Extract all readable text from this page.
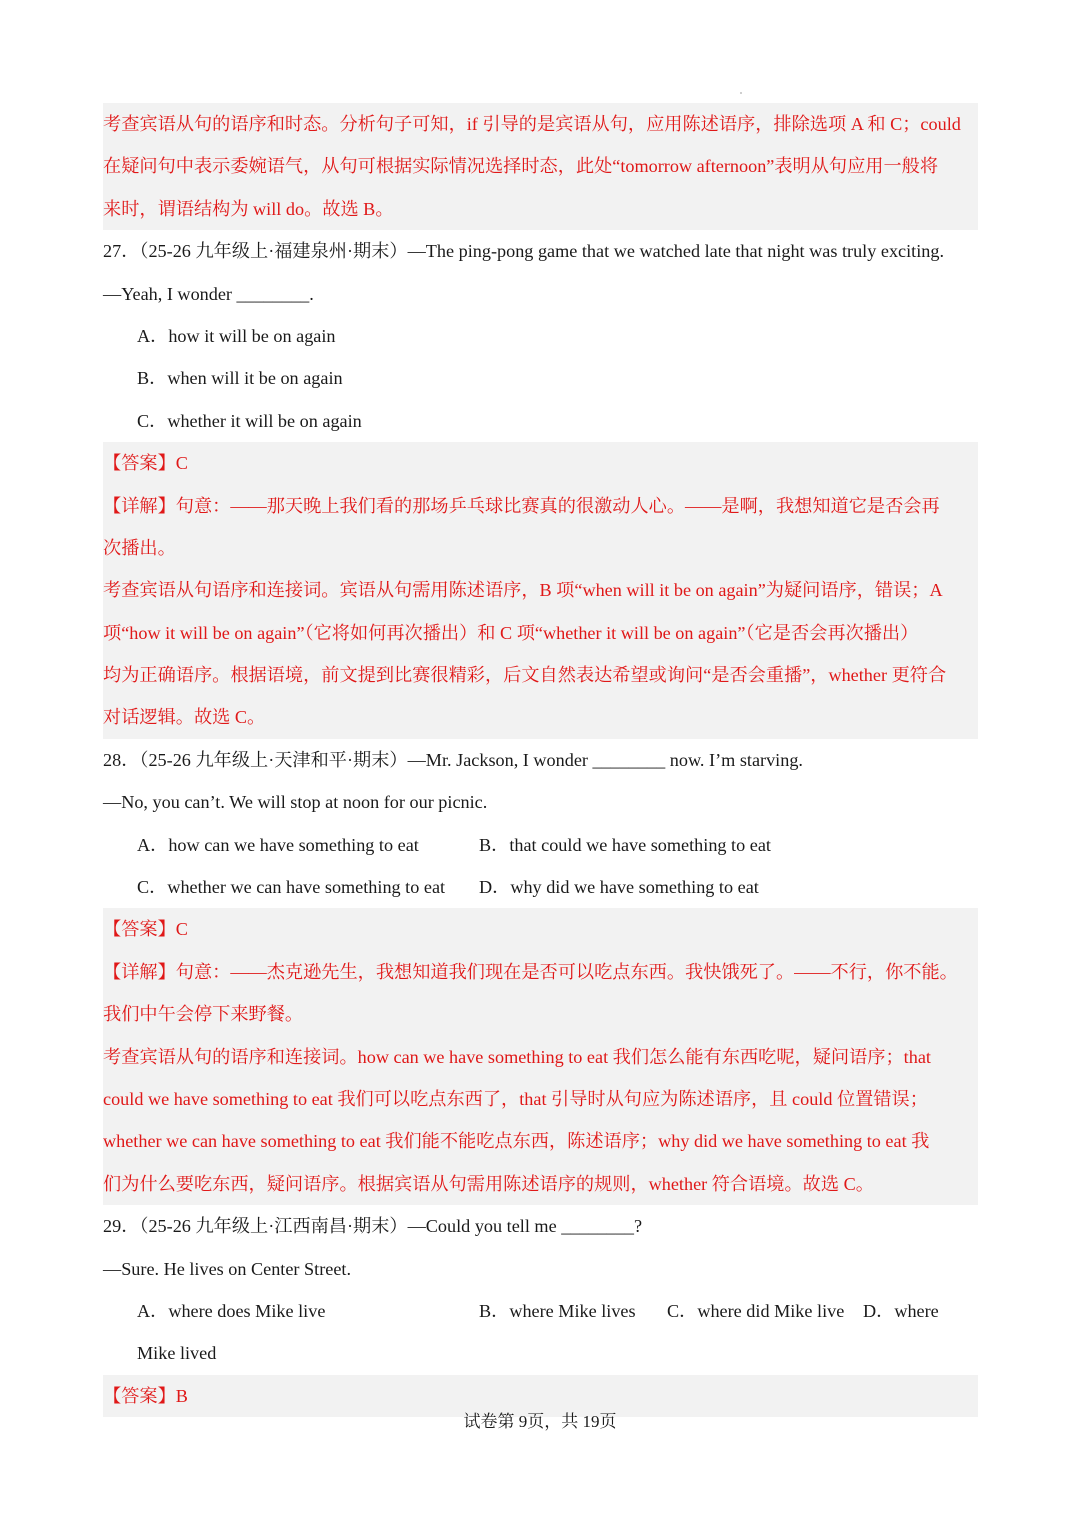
考查宾语从句的语序和时态。分析句子可知，if 引导的是宾语从句，应用陈述语序，排除选项 A 和 C；could
在疑问句中表示委婉语气，从句可根据实际情况选择时态，此处“tomorrow afternoon”表明从句应用一般将
来时，谓语结构为 will do。故选 B。
27．（25-26 九年级上·福建泉州·期末）—The ping-pong game that we watched late that night was truly exciting.
—Yeah, I wonder ________.
A．how it will be on again
B．when will it be on again
C．whether it will be on again
【答案】C
【详解】句意：——那天晚上我们看的那场乒乓球比赛真的很激动人心。——是啊，我想知道它是否会再
次播出。
考查宾语从句语序和连接词。宾语从句需用陈述语序，B 项“when will it be on again”为疑问语序，错误；A
项“how it will be on again”（它将如何再次播出）和 C 项“whether it will be on again”（它是否会再次播出）
均为正确语序。根据语境，前文提到比赛很精彩，后文自然表达希望或询问“是否会重播”，whether 更符合
对话逻辑。故选 C。
28．（25-26 九年级上·天津和平·期末）—Mr. Jackson, I wonder ________ now. I’m starving.
—No, you can’t. We will stop at noon for our picnic.
A．how can we have something to eat	B．that could we have something to eat
C．whether we can have something to eat D．why did we have something to eat
【答案】C
【详解】句意：——杰克逊先生，我想知道我们现在是否可以吃点东西。我快饿死了。——不行，你不能。
我们中午会停下来野餐。
考查宾语从句的语序和连接词。how can we have something to eat 我们怎么能有东西吃呢，疑问语序；that
could we have something to eat 我们可以吃点东西了，that 引导时从句应为陈述语序，且 could 位置错误；
whether we can have something to eat 我们能不能吃点东西，陈述语序；why did we have something to eat 我
们为什么要吃东西，疑问语序。根据宾语从句需用陈述语序的规则，whether 符合语境。故选 C。
29．（25-26 九年级上·江西南昌·期末）—Could you tell me ________?
—Sure. He lives on Center Street.
A．where does Mike live	B．where Mike lives C．where did Mike live D．where
Mike lived
【答案】B
试卷第 9页，共 19页
